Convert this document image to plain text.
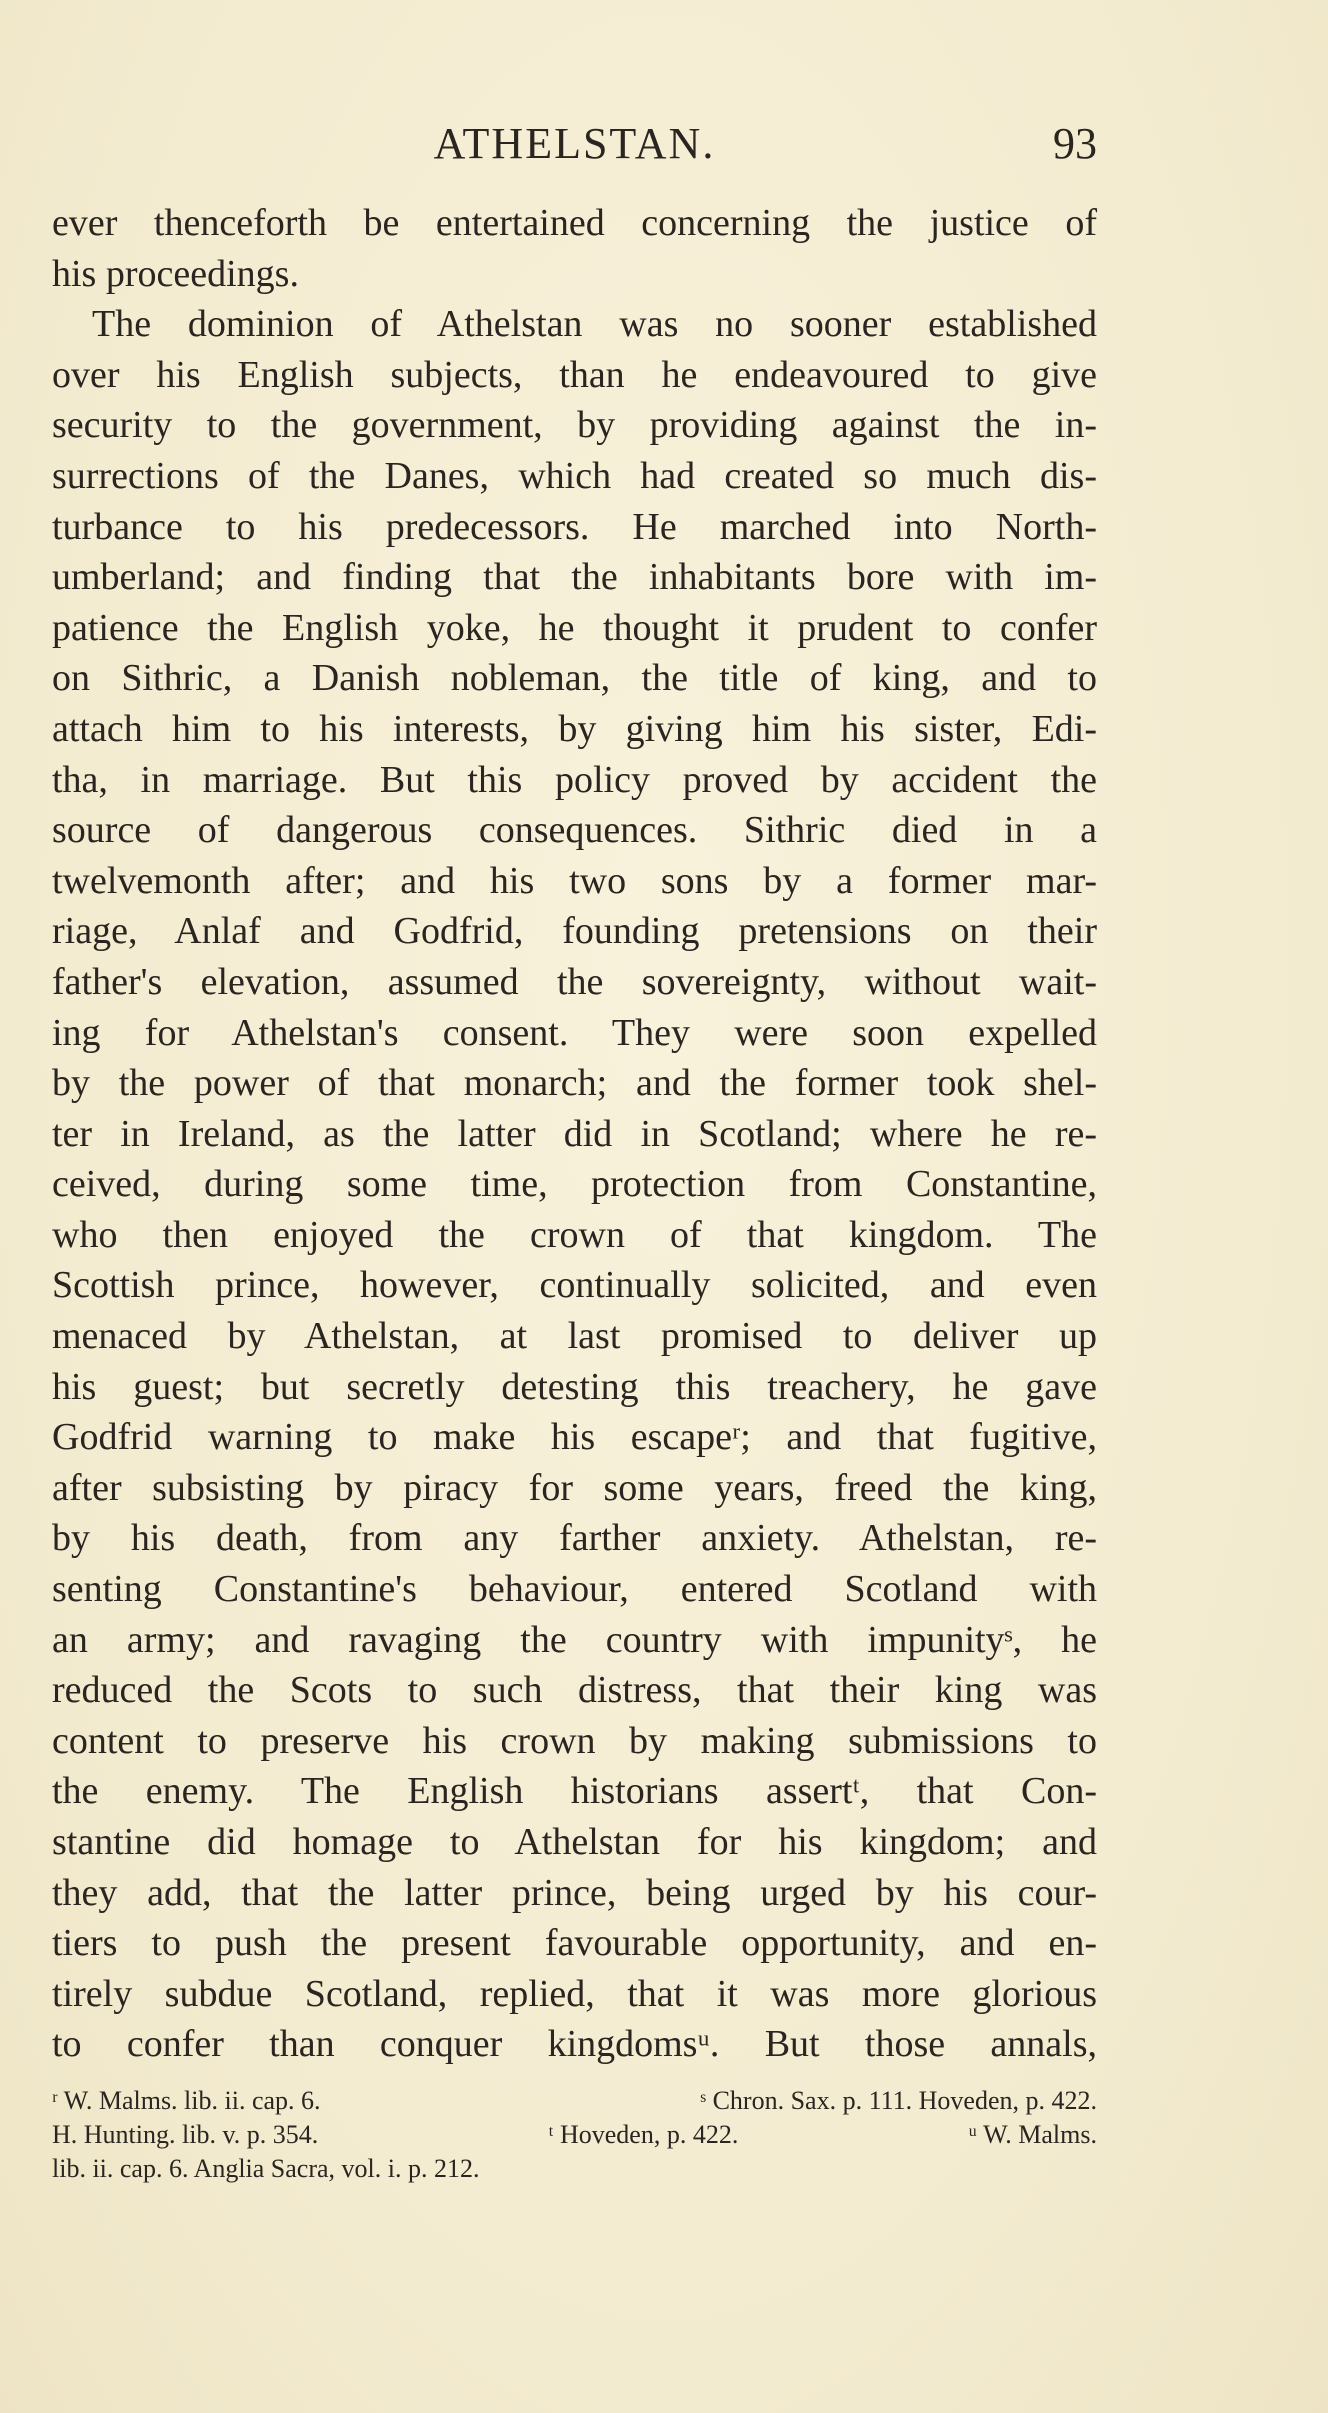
ATHELSTAN.	93
ever thenceforth be entertained concerning the justice of
his proceedings.
The dominion of Athelstan was no sooner established
over his English subjects, than he endeavoured to give
security to the government, by providing against the in-
surrections of the Danes, which had created so much dis-
turbance to his predecessors. He marched into North-
umberland; and finding that the inhabitants bore with im-
patience the English yoke, he thought it prudent to confer
on Sithric, a Danish nobleman, the title of king, and to
attach him to his interests, by giving him his sister, Edi-
tha, in marriage. But this policy proved by accident the
source of dangerous consequences. Sithric died in a
twelvemonth after; and his two sons by a former mar-
riage, Anlaf and Godfrid, founding pretensions on their
father's elevation, assumed the sovereignty, without wait-
ing for Athelstan's consent. They were soon expelled
by the power of that monarch; and the former took shel-
ter in Ireland, as the latter did in Scotland; where he re-
ceived, during some time, protection from Constantine,
who then enjoyed the crown of that kingdom. The
Scottish prince, however, continually solicited, and even
menaced by Athelstan, at last promised to deliver up
his guest; but secretly detesting this treachery, he gave
Godfrid warning to make his escapeʳ; and that fugitive,
after subsisting by piracy for some years, freed the king,
by his death, from any farther anxiety. Athelstan, re-
senting Constantine's behaviour, entered Scotland with
an army; and ravaging the country with impunityˢ, he
reduced the Scots to such distress, that their king was
content to preserve his crown by making submissions to
the enemy. The English historians assertᵗ, that Con-
stantine did homage to Athelstan for his kingdom; and
they add, that the latter prince, being urged by his cour-
tiers to push the present favourable opportunity, and en-
tirely subdue Scotland, replied, that it was more glorious
to confer than conquer kingdomsᵘ. But those annals,
ʳ W. Malms. lib. ii. cap. 6.	ˢ Chron. Sax. p. 111. Hoveden, p. 422.
H. Hunting. lib. v. p. 354.	ᵗ Hoveden, p. 422.	ᵘ W. Malms.
lib. ii. cap. 6. Anglia Sacra, vol. i. p. 212.
